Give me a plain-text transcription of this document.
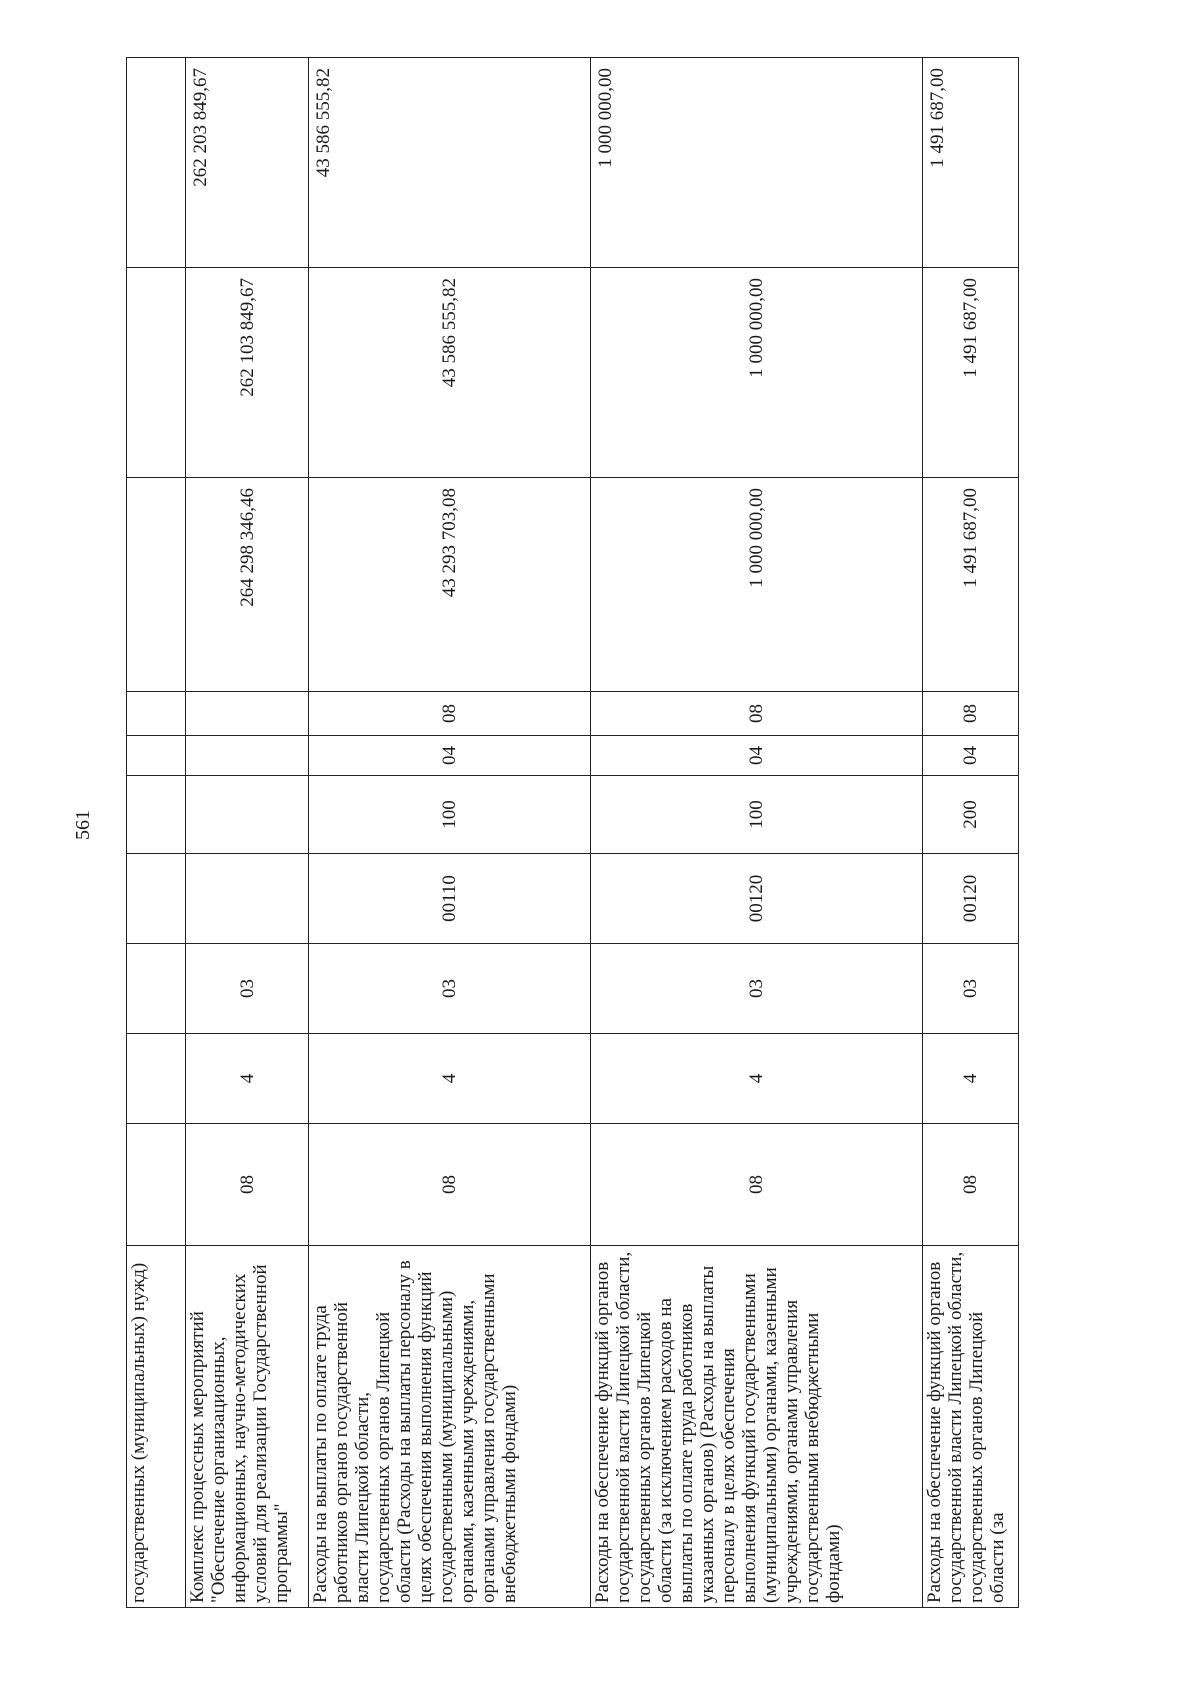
561
государственных (муниципальных) нужд)										
Комплекс процессных мероприятий "Обеспечение организационных, информационных, научно-методических условий для реализации Государственной программы"	08	4	03					264 298 346,46	262 103 849,67	262 203 849,67
Расходы на выплаты по оплате труда работников органов государственной власти Липецкой области, государственных органов Липецкой области (Расходы на выплаты персоналу в целях обеспечения выполнения функций государственными (муниципальными) органами, казенными учреждениями, органами управления государственными внебюджетными фондами)	08	4	03	00110	100	04	08	43 293 703,08	43 586 555,82	43 586 555,82
Расходы на обеспечение функций органов государственной власти Липецкой области, государственных органов Липецкой области (за исключением расходов на выплаты по оплате труда работников указанных органов) (Расходы на выплаты персоналу в целях обеспечения выполнения функций государственными (муниципальными) органами, казенными учреждениями, органами управления государственными внебюджетными фондами)	08	4	03	00120	100	04	08	1 000 000,00	1 000 000,00	1 000 000,00
Расходы на обеспечение функций органов государственной власти Липецкой области, государственных органов Липецкой области (за	08	4	03	00120	200	04	08	1 491 687,00	1 491 687,00	1 491 687,00
